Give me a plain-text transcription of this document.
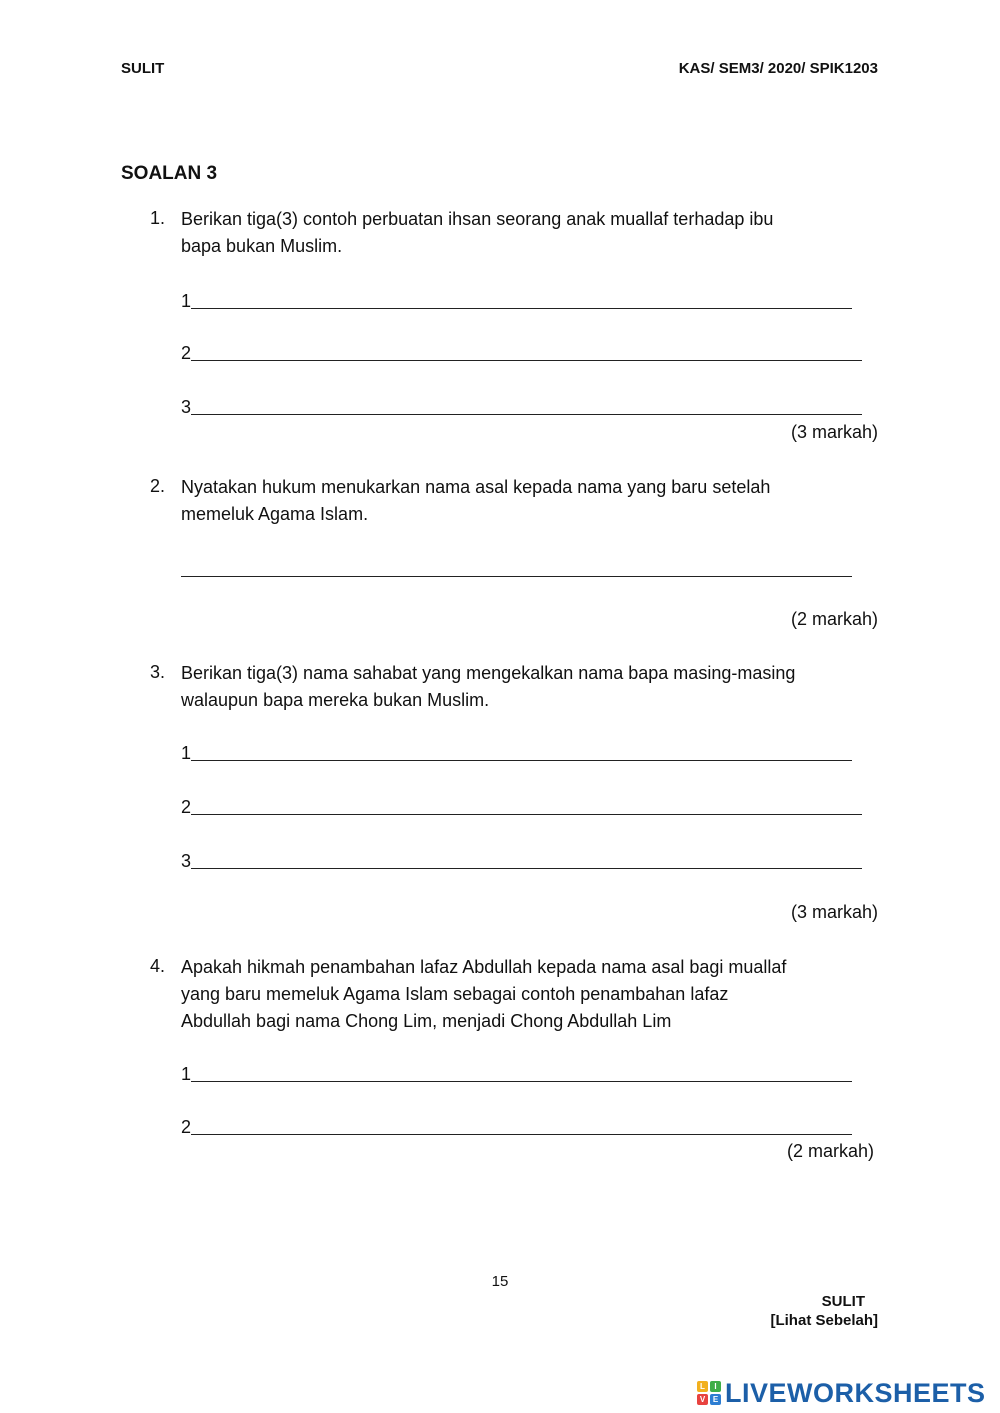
SULIT	KAS/ SEM3/ 2020/ SPIK1203
SOALAN 3
1. Berikan tiga(3) contoh perbuatan ihsan seorang anak muallaf terhadap ibu
bapa bukan Muslim.
1
2
3
(3 markah)
2. Nyatakan hukum menukarkan nama asal kepada nama yang baru setelah
memeluk Agama Islam.
(2 markah)
3. Berikan tiga(3) nama sahabat yang mengekalkan nama bapa masing-masing
walaupun bapa mereka bukan Muslim.
1
2
3
(3 markah)
4. Apakah hikmah penambahan lafaz Abdullah kepada nama asal bagi muallaf
yang baru memeluk Agama Islam sebagai contoh penambahan lafaz
Abdullah bagi nama Chong Lim, menjadi Chong Abdullah Lim
1
2
(2 markah)
15
SULIT
[Lihat Sebelah]
L	I
V E LIVEWORKSHEETS
